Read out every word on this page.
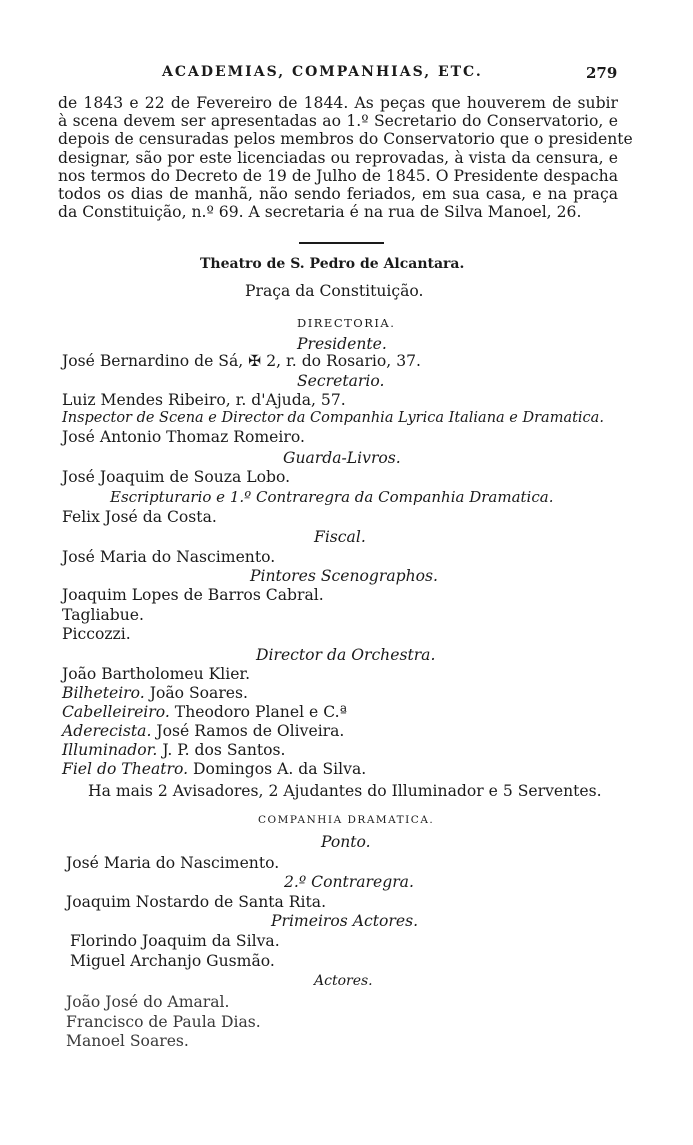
ACADEMIAS, COMPANHIAS, ETC.	279
de 1843 e 22 de Fevereiro de 1844. As peças que houverem de subir
à scena devem ser apresentadas ao 1.º Secretario do Conservatorio, e
depois de censuradas pelos membros do Conservatorio que o presidente
designar, são por este licenciadas ou reprovadas, à vista da censura, e
nos termos do Decreto de 19 de Julho de 1845. O Presidente despacha
todos os dias de manhã, não sendo feriados, em sua casa, e na praça
da Constituição, n.º 69. A secretaria é na rua de Silva Manoel, 26.
Theatro de S. Pedro de Alcantara.
Praça da Constituição.
DIRECTORIA.
Presidente.
José Bernardino de Sá, ✠ 2, r. do Rosario, 37.
Secretario.
Luiz Mendes Ribeiro, r. d'Ajuda, 57.
Inspector de Scena e Director da Companhia Lyrica Italiana e Dramatica.
José Antonio Thomaz Romeiro.
Guarda-Livros.
José Joaquim de Souza Lobo.
Escripturario e 1.º Contraregra da Companhia Dramatica.
Felix José da Costa.
Fiscal.
José Maria do Nascimento.
Pintores Scenographos.
Joaquim Lopes de Barros Cabral.
Tagliabue.
Piccozzi.
Director da Orchestra.
João Bartholomeu Klier.
Bilheteiro. João Soares.
Cabelleireiro. Theodoro Planel e C.ª
Aderecista. José Ramos de Oliveira.
Illuminador. J. P. dos Santos.
Fiel do Theatro. Domingos A. da Silva.
Ha mais 2 Avisadores, 2 Ajudantes do Illuminador e 5 Serventes.
COMPANHIA DRAMATICA.
Ponto.
José Maria do Nascimento.
2.º Contraregra.
Joaquim Nostardo de Santa Rita.
Primeiros Actores.
Florindo Joaquim da Silva.
Miguel Archanjo Gusmão.
Actores.
João José do Amaral.
Francisco de Paula Dias.
Manoel Soares.
